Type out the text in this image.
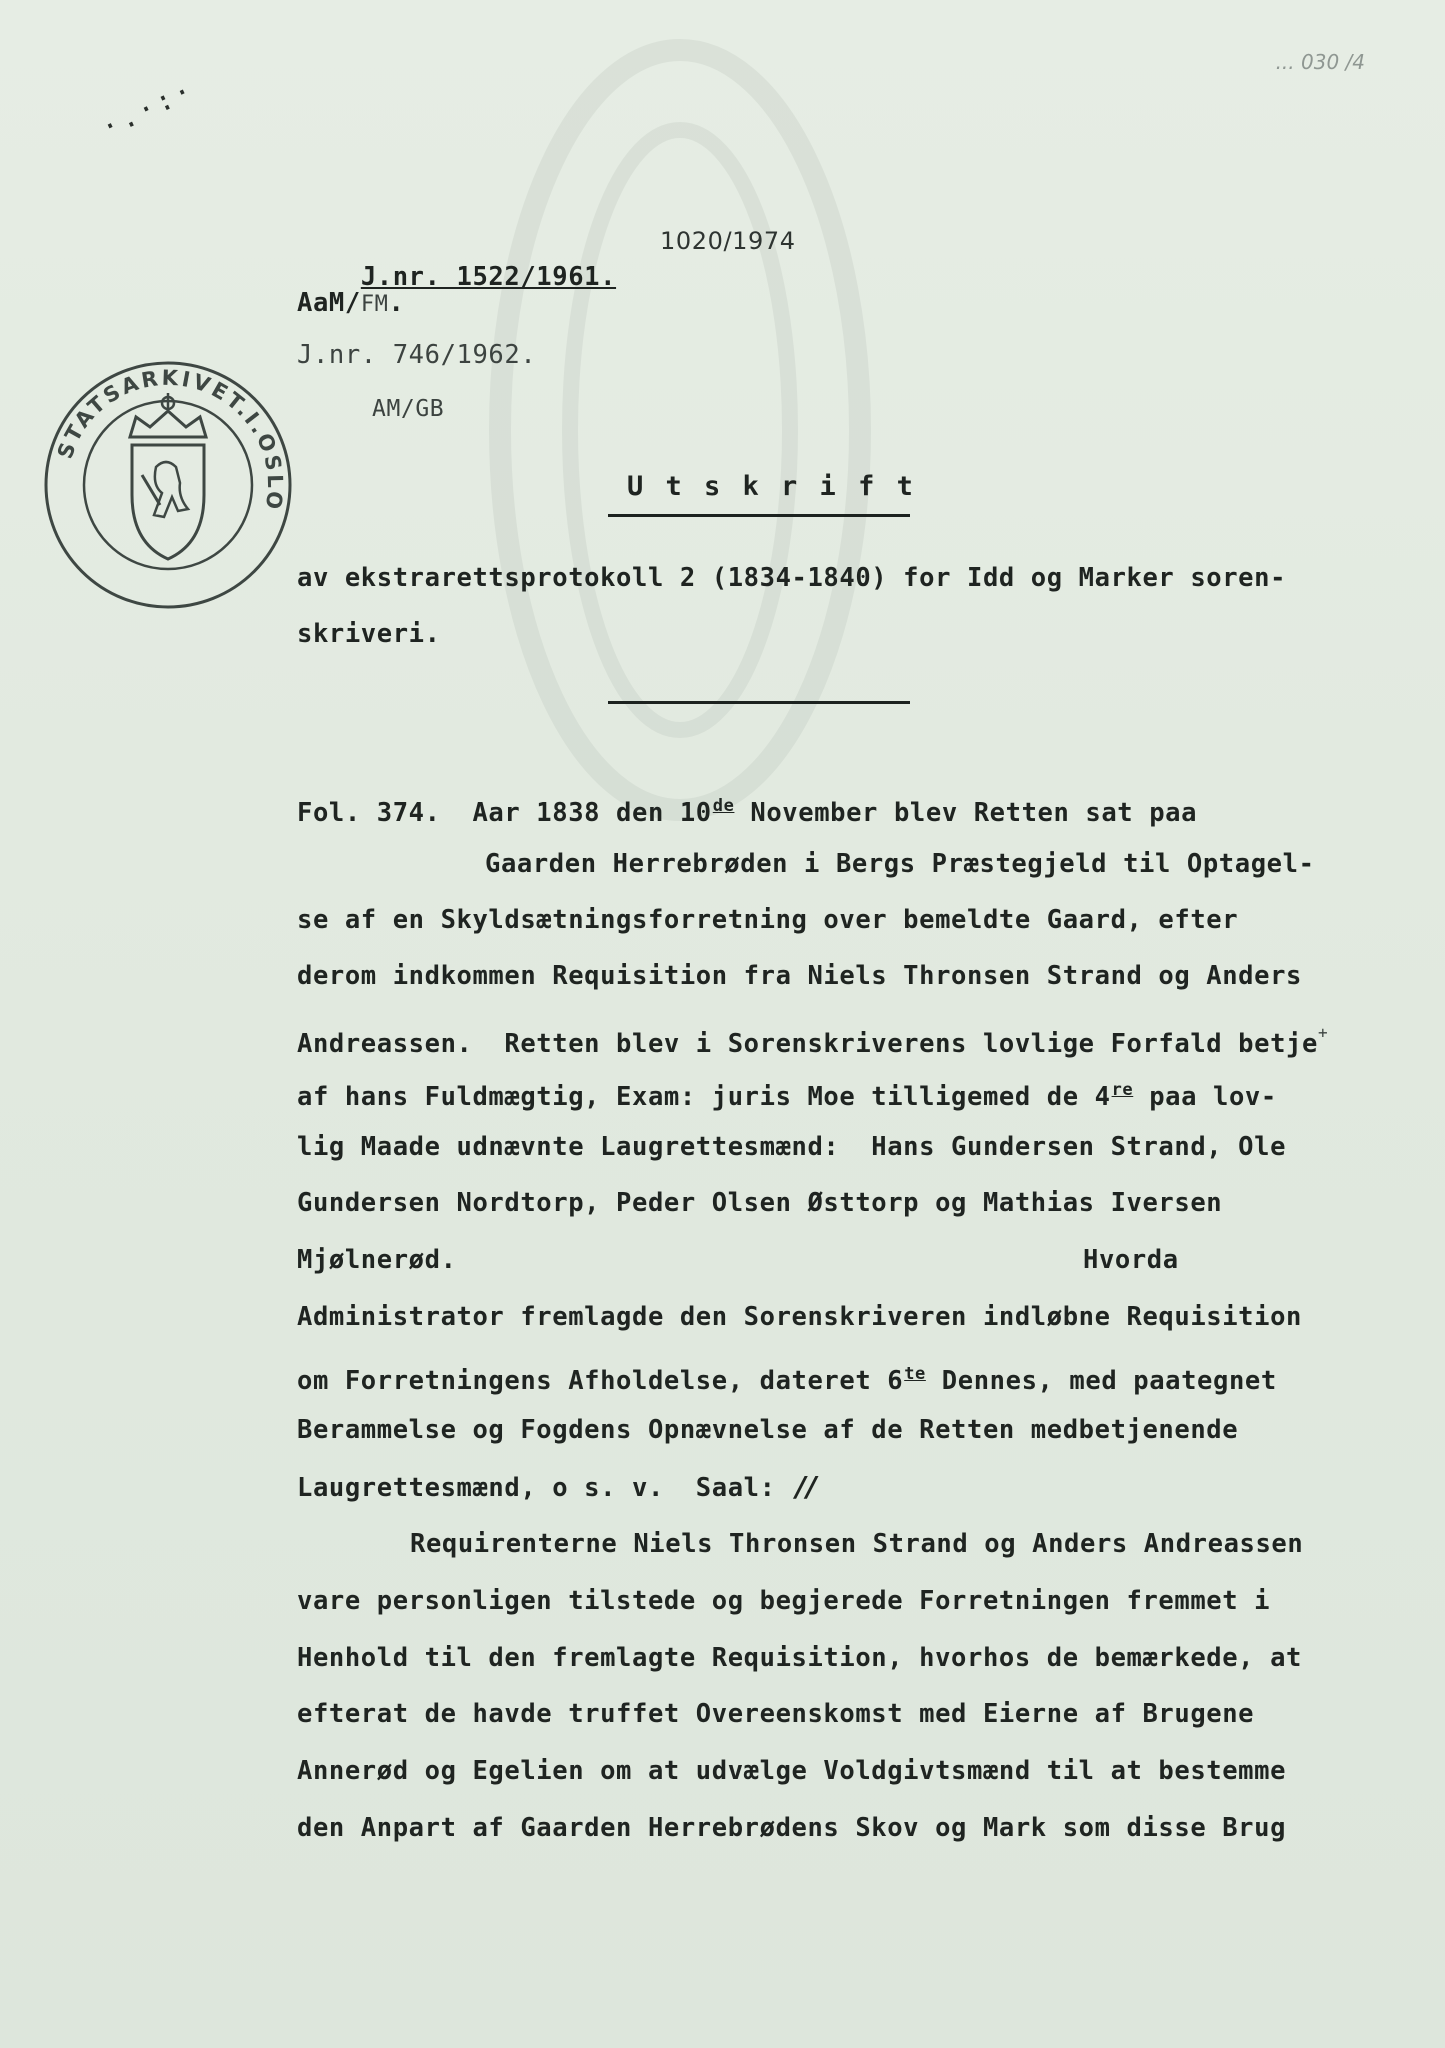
... 030 /4
·.·:·

J.nr. 1522/1961.

1020/1974
AaM/FM.
J.nr. 746/1962.
AM/GB
STATSARKIVET.I.OSLO	U t s k r i f t
av ekstrarettsprotokoll 2 (1834-1840) for Idd og Marker soren-
skriveri.
Fol. 374.  Aar 1838 den 10de November blev Retten sat paa
Gaarden Herrebrøden i Bergs Præstegjeld til Optagel-
se af en Skyldsætningsforretning over bemeldte Gaard, efter
derom indkommen Requisition fra Niels Thronsen Strand og Anders
Andreassen.  Retten blev i Sorenskriverens lovlige Forfald betje+
af hans Fuldmægtig, Exam: juris Moe tilligemed de 4re paa lov-
lig Maade udnævnte Laugrettesmænd:  Hans Gundersen Strand, Ole
Gundersen Nordtorp, Peder Olsen Østtorp og Mathias Iversen
Mjølnerød.	Hvorda
Administrator fremlagde den Sorenskriveren indløbne Requisition
om Forretningens Afholdelse, dateret $6^{te}$ Dennes, med paategnet
Berammelse og Fogdens Opnævnelse af de Retten medbetjenende
Laugrettesmænd, o s. v.  Saal: //
Requirenterne Niels Thronsen Strand og Anders Andreassen
vare personligen tilstede og begjerede Forretningen fremmet i
Henhold til den fremlagte Requisition, hvorhos de bemærkede, at
efterat de havde truffet Overeenskomst med Eierne af Brugene
Annerød og Egelien om at udvælge Voldgivtsmænd til at bestemme
den Anpart af Gaarden Herrebrødens Skov og Mark som disse Brug
